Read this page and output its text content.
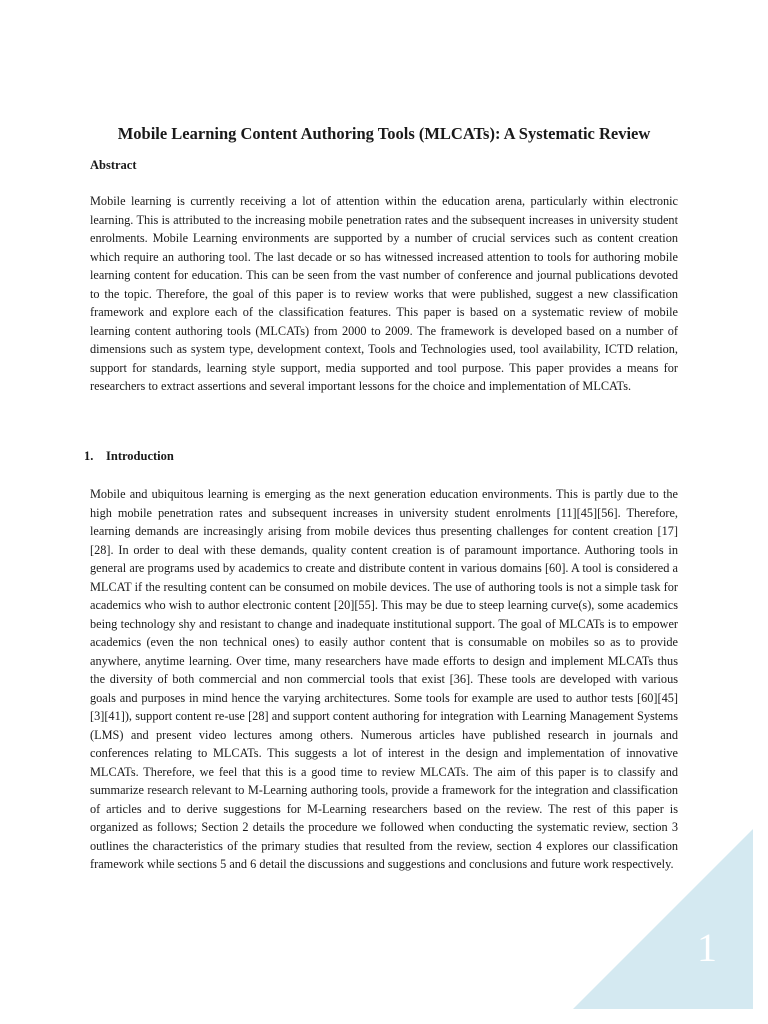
Mobile Learning Content Authoring Tools (MLCATs): A Systematic Review
Abstract

Mobile learning is currently receiving a lot of attention within the education arena, particularly within electronic learning. This is attributed to the increasing mobile penetration rates and the subsequent increases in university student enrolments. Mobile Learning environments are supported by a number of crucial services such as content creation which require an authoring tool. The last decade or so has witnessed increased attention to tools for authoring mobile learning content for education. This can be seen from the vast number of conference and journal publications devoted to the topic. Therefore, the goal of this paper is to review works that were published, suggest a new classification framework and explore each of the classification features. This paper is based on a systematic review of mobile learning content authoring tools (MLCATs) from 2000 to 2009. The framework is developed based on a number of dimensions such as system type, development context, Tools and Technologies used, tool availability, ICTD relation, support for standards, learning style support, media supported and tool purpose. This paper provides a means for researchers to extract assertions and several important lessons for the choice and implementation of MLCATs.

1. Introduction

Mobile and ubiquitous learning is emerging as the next generation education environments. This is partly due to the high mobile penetration rates and subsequent increases in university student enrolments [11][45][56]. Therefore, learning demands are increasingly arising from mobile devices thus presenting challenges for content creation [17][28]. In order to deal with these demands, quality content creation is of paramount importance. Authoring tools in general are programs used by academics to create and distribute content in various domains [60]. A tool is considered a MLCAT if the resulting content can be consumed on mobile devices. The use of authoring tools is not a simple task for academics who wish to author electronic content [20][55]. This may be due to steep learning curve(s), some academics being technology shy and resistant to change and inadequate institutional support. The goal of MLCATs is to empower academics (even the non technical ones) to easily author content that is consumable on mobiles so as to provide anywhere, anytime learning. Over time, many researchers have made efforts to design and implement MLCATs thus the diversity of both commercial and non commercial tools that exist [36]. These tools are developed with various goals and purposes in mind hence the varying architectures. Some tools for example are used to author tests [60][45][3][41]), support content re-use [28] and support content authoring for integration with Learning Management Systems (LMS) and present video lectures among others. Numerous articles have published research in journals and conferences relating to MLCATs. This suggests a lot of interest in the design and implementation of innovative MLCATs. Therefore, we feel that this is a good time to review MLCATs. The aim of this paper is to classify and summarize research relevant to M-Learning authoring tools, provide a framework for the integration and classification of articles and to derive suggestions for M-Learning researchers based on the review. The rest of this paper is organized as follows; Section 2 details the procedure we followed when conducting the systematic review, section 3 outlines the characteristics of the primary studies that resulted from the review, section 4 explores our classification framework while sections 5 and 6 detail the discussions and suggestions and conclusions and future work respectively.

1
